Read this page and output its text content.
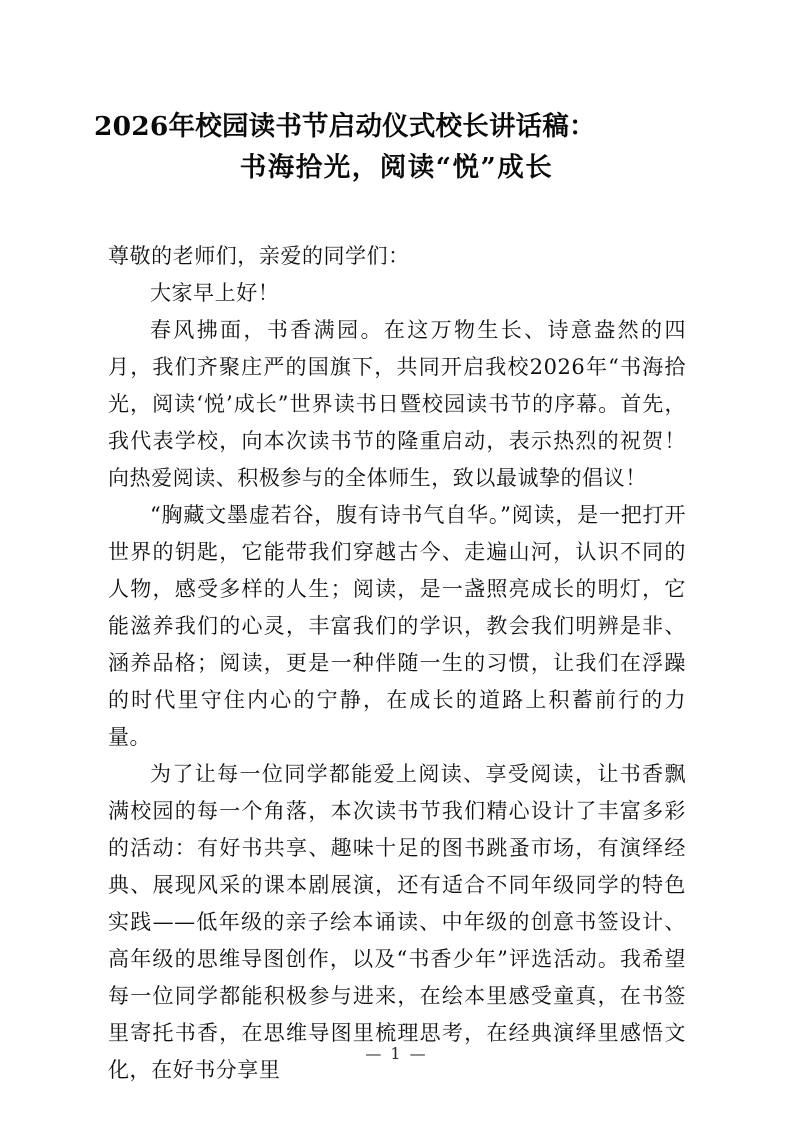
2026年校园读书节启动仪式校长讲话稿：
书海拾光，阅读“悦”成长

尊敬的老师们，亲爱的同学们：

大家早上好！

春风拂面，书香满园。在这万物生长、诗意盎然的四月，我们齐聚庄严的国旗下，共同开启我校2026年“书海拾光，阅读‘悦’成长”世界读书日暨校园读书节的序幕。首先，我代表学校，向本次读书节的隆重启动，表示热烈的祝贺！向热爱阅读、积极参与的全体师生，致以最诚挚的倡议！

“胸藏文墨虚若谷，腹有诗书气自华。”阅读，是一把打开世界的钥匙，它能带我们穿越古今、走遍山河，认识不同的人物，感受多样的人生；阅读，是一盏照亮成长的明灯，它能滋养我们的心灵，丰富我们的学识，教会我们明辨是非、涵养品格；阅读，更是一种伴随一生的习惯，让我们在浮躁的时代里守住内心的宁静，在成长的道路上积蓄前行的力量。

为了让每一位同学都能爱上阅读、享受阅读，让书香飘满校园的每一个角落，本次读书节我们精心设计了丰富多彩的活动：有好书共享、趣味十足的图书跳蚤市场，有演绎经典、展现风采的课本剧展演，还有适合不同年级同学的特色实践——低年级的亲子绘本诵读、中年级的创意书签设计、高年级的思维导图创作，以及“书香少年”评选活动。我希望每一位同学都能积极参与进来，在绘本里感受童真，在书签里寄托书香，在思维导图里梳理思考，在经典演绎里感悟文化，在好书分享里

— 1 —
